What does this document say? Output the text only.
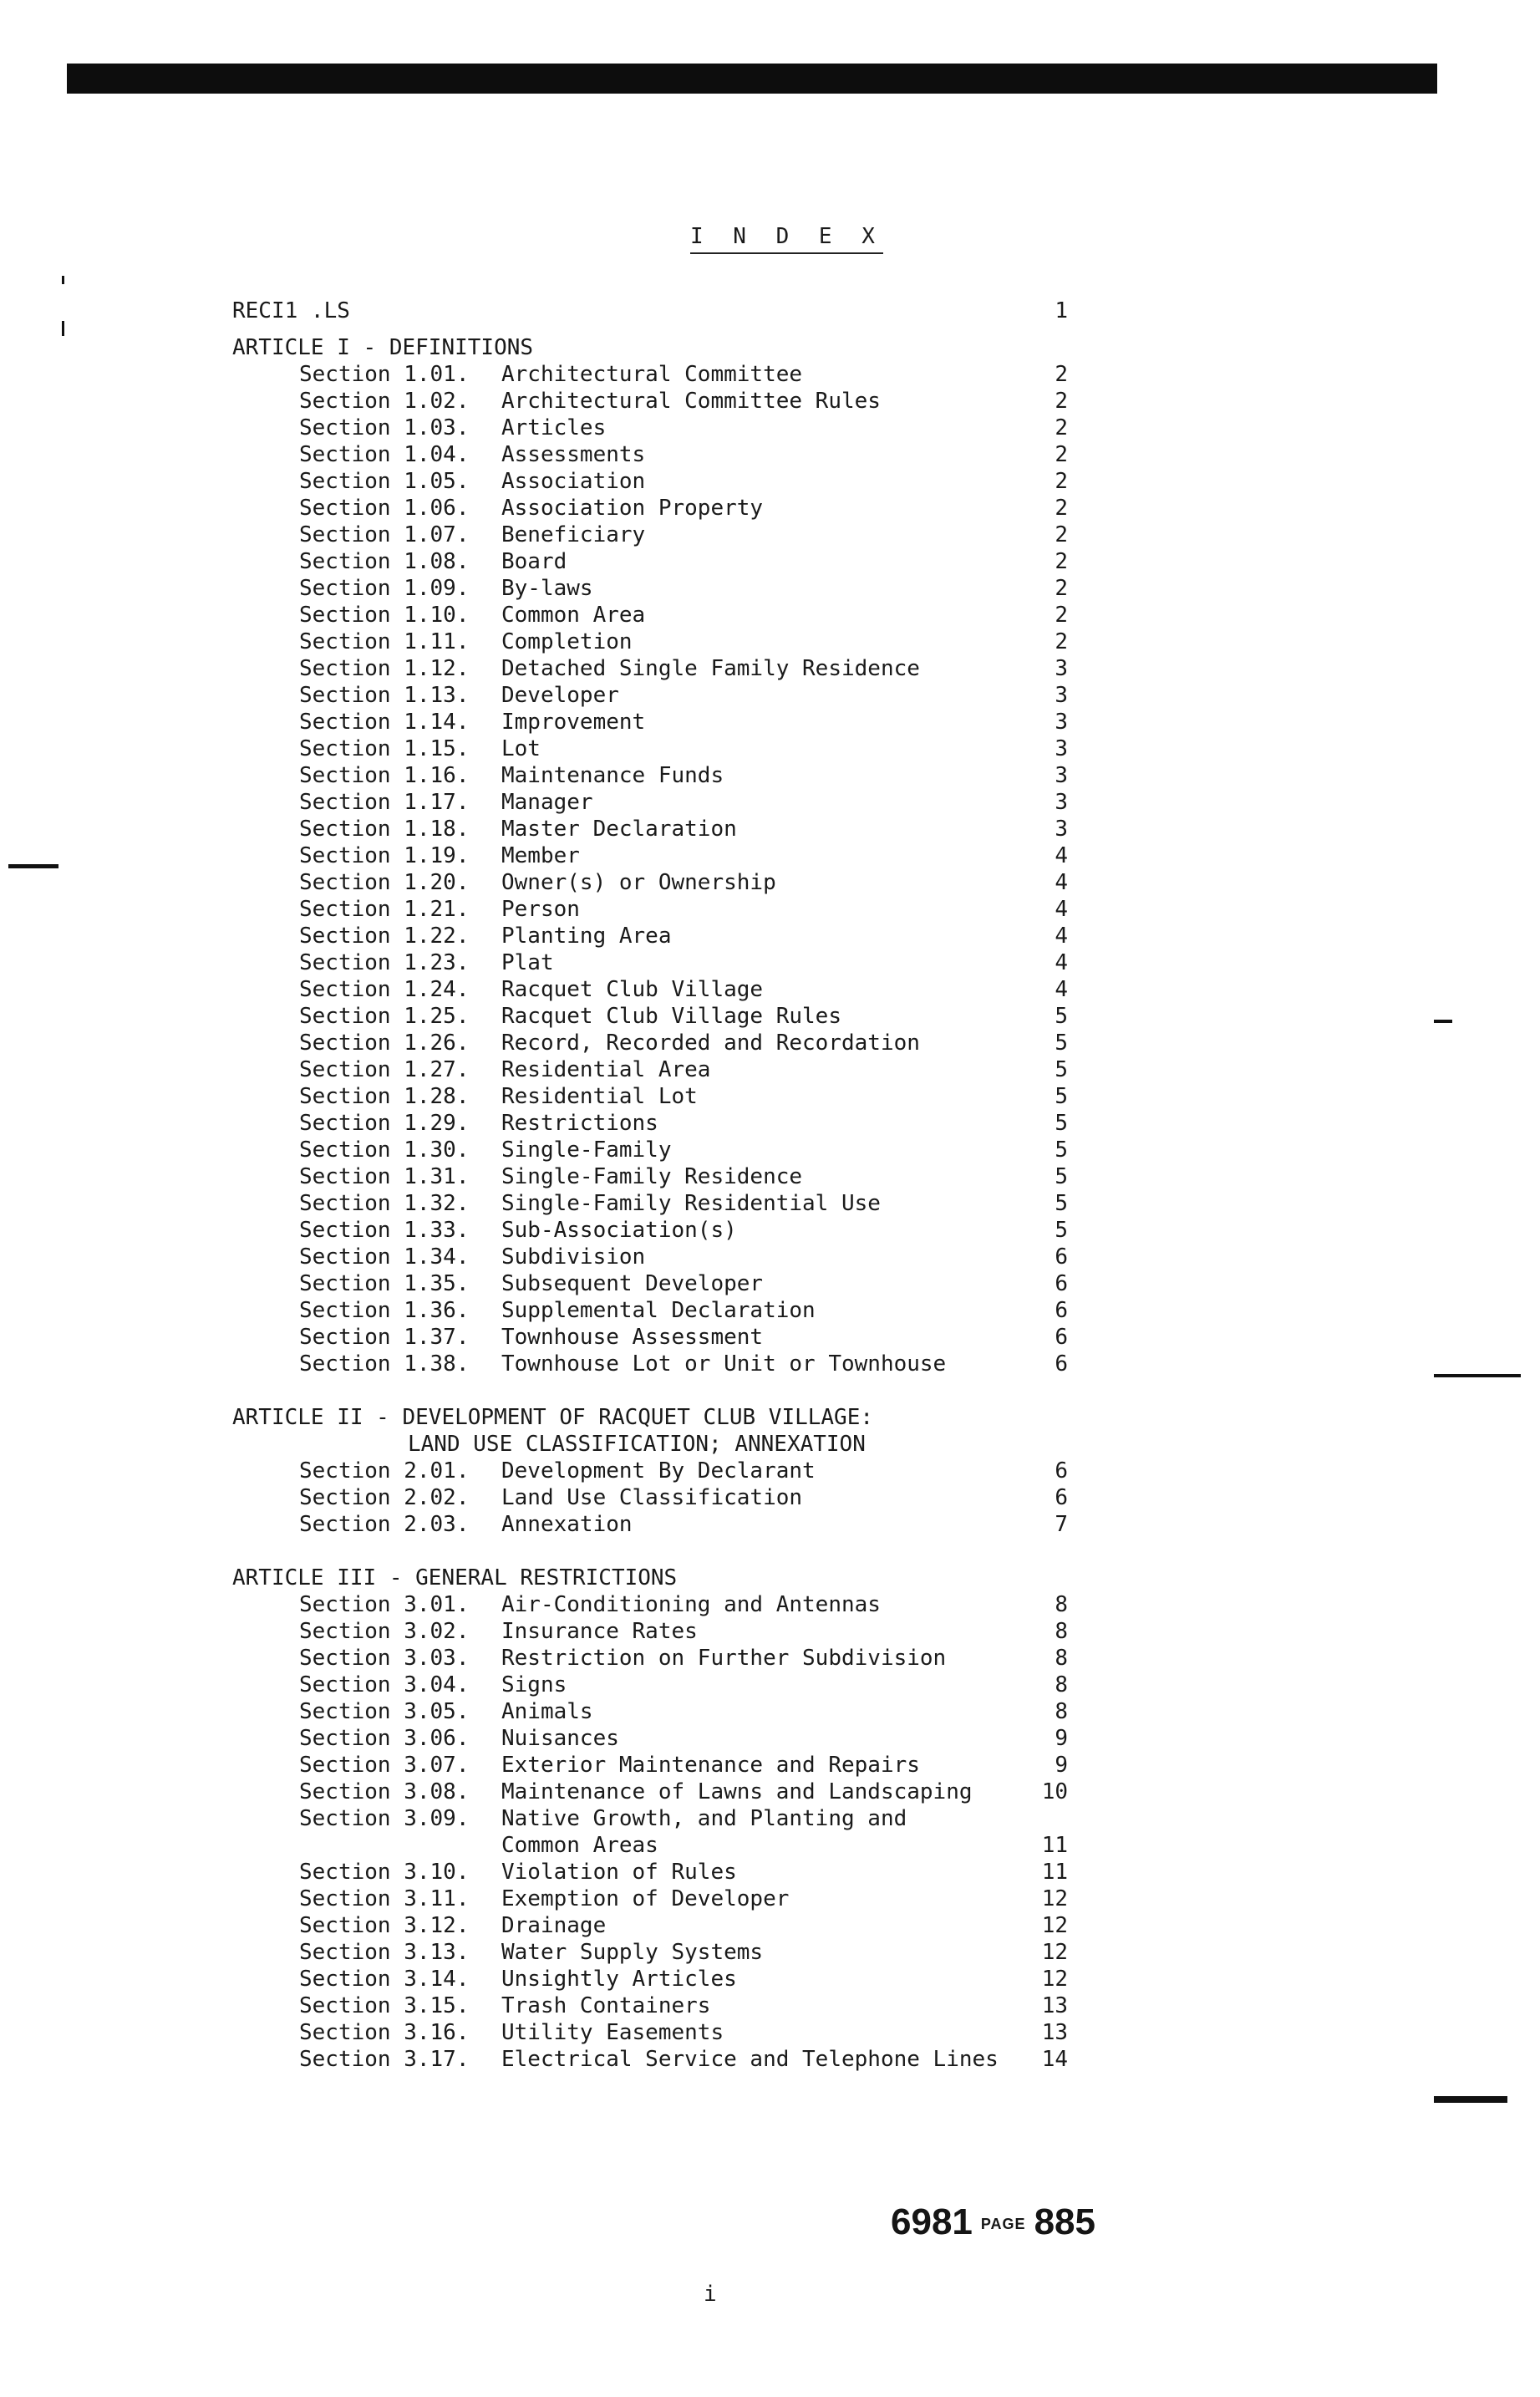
I N D E X
RECI1 .LS	1
ARTICLE I - DEFINITIONS
Section 1.01. Architectural Committee	2
Section 1.02. Architectural Committee Rules	2
Section 1.03. Articles	2
Section 1.04. Assessments	2
Section 1.05. Association	2
Section 1.06. Association Property	2
Section 1.07. Beneficiary	2
Section 1.08. Board	2
Section 1.09. By-laws	2
Section 1.10. Common Area	2
Section 1.11. Completion	2
Section 1.12. Detached Single Family Residence	3
Section 1.13. Developer	3
Section 1.14. Improvement	3
Section 1.15. Lot	3
Section 1.16. Maintenance Funds	3
Section 1.17. Manager	3
Section 1.18. Master Declaration	3
Section 1.19. Member	4
Section 1.20. Owner(s) or Ownership	4
Section 1.21. Person	4
Section 1.22. Planting Area	4
Section 1.23. Plat	4
Section 1.24. Racquet Club Village	4
Section 1.25. Racquet Club Village Rules	5
Section 1.26. Record, Recorded and Recordation	5
Section 1.27. Residential Area	5
Section 1.28. Residential Lot	5
Section 1.29. Restrictions	5
Section 1.30. Single-Family	5
Section 1.31. Single-Family Residence	5
Section 1.32. Single-Family Residential Use	5
Section 1.33. Sub-Association(s)	5
Section 1.34. Subdivision	6
Section 1.35. Subsequent Developer	6
Section 1.36. Supplemental Declaration	6
Section 1.37. Townhouse Assessment	6
Section 1.38. Townhouse Lot or Unit or Townhouse	6
ARTICLE II - DEVELOPMENT OF RACQUET CLUB VILLAGE:
LAND USE CLASSIFICATION; ANNEXATION
Section 2.01. Development By Declarant	6
Section 2.02. Land Use Classification	6
Section 2.03. Annexation	7
ARTICLE III - GENERAL RESTRICTIONS
Section 3.01. Air-Conditioning and Antennas	8
Section 3.02. Insurance Rates	8
Section 3.03. Restriction on Further Subdivision	8
Section 3.04. Signs	8
Section 3.05. Animals	8
Section 3.06. Nuisances	9
Section 3.07. Exterior Maintenance and Repairs	9
Section 3.08. Maintenance of Lawns and Landscaping	10
Section 3.09. Native Growth, and Planting and
Common Areas	11
Section 3.10. Violation of Rules	11
Section 3.11. Exemption of Developer	12
Section 3.12. Drainage	12
Section 3.13. Water Supply Systems	12
Section 3.14. Unsightly Articles	12
Section 3.15. Trash Containers	13
Section 3.16. Utility Easements	13
Section 3.17. Electrical Service and Telephone Lines 14
6981 PAGE 885
i
